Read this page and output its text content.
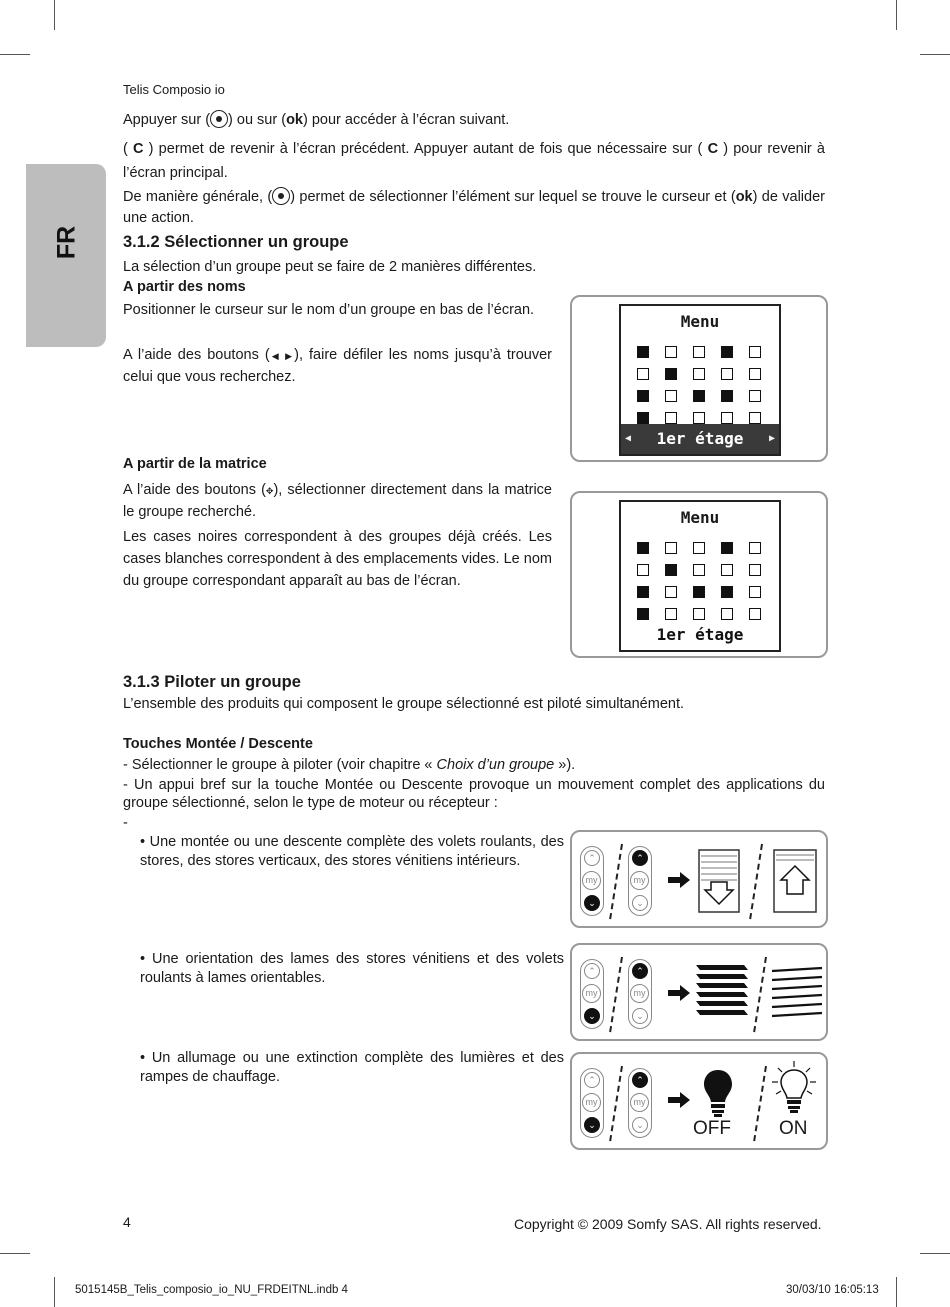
FR
Telis Composio io
Appuyer sur ( ) ou sur (ok) pour accéder à l’écran suivant.
( C ) permet de revenir à l’écran précédent. Appuyer autant de fois que nécessaire sur ( C ) pour revenir à l’écran principal.
De manière générale, ( ) permet de sélectionner l’élément sur lequel se trouve le curseur et (ok) de valider une action.
3.1.2 Sélectionner un groupe
La sélection d’un groupe peut se faire de 2 manières différentes.
A partir des noms
Positionner le curseur sur le nom d’un groupe en bas de l’écran.
A l’aide des boutons (◀ ▶), faire défiler les noms jusqu’à trouver celui que vous recherchez.
Menu
◀ 1er étage	▶
A partir de la matrice
A l’aide des boutons (✥), sélectionner directement dans la matrice le groupe recherché.
Les cases noires correspondent à des groupes déjà créés. Les cases blanches correspondent à des emplacements vides. Le nom du groupe correspondant apparaît au bas de l’écran.
Menu
1er étage
3.1.3 Piloter un groupe
L’ensemble des produits qui composent le groupe sélectionné est piloté simultanément.
Touches Montée / Descente
- Sélectionner le groupe à piloter (voir chapitre « Choix d’un groupe »).
- Un appui bref sur la touche Montée ou Descente provoque un mouvement complet des applications du groupe sélectionné, selon le type de moteur ou récepteur :
-
• Une montée ou une descente complète des volets roulants, des stores, des stores verticaux, des stores vénitiens intérieurs.	⌃
my
⌄
⌃
my
⌄
• Une orientation des lames des stores vénitiens et des volets roulants à lames orientables.	⌃
my
⌄
⌃
my
⌄
• Un allumage ou une extinction complète des lumières et des rampes de chauffage.	⌃
my
⌄
⌃
my
⌄	OFF	ON
4	Copyright © 2009 Somfy SAS. All rights reserved.
5015145B_Telis_composio_io_NU_FRDEITNL.indb 4	30/03/10 16:05:13
